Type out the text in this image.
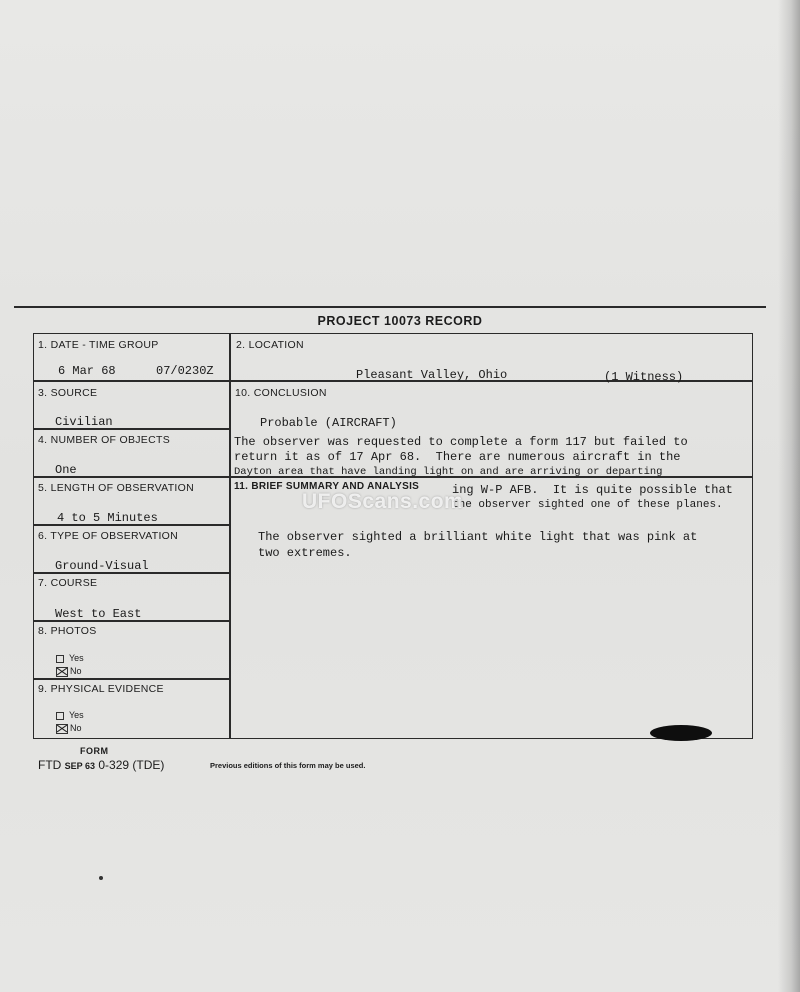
PROJECT 10073 RECORD
1. DATE - TIME GROUP
6 Mar 68	07/0230Z
2. LOCATION
Pleasant Valley, Ohio	(1 Witness)
3. SOURCE
Civilian
10. CONCLUSION
Probable (AIRCRAFT)
The observer was requested to complete a form 117 but failed to
return it as of 17 Apr 68.  There are numerous aircraft in the
Dayton area that have landing light on and are arriving or departing
4. NUMBER OF OBJECTS
One
5. LENGTH OF OBSERVATION
4 to 5 Minutes
11. BRIEF SUMMARY AND ANALYSIS	ing W-P AFB.  It is quite possible that
the observer sighted one of these planes.
The observer sighted a brilliant white light that was pink at
two extremes.
6. TYPE OF OBSERVATION
Ground-Visual
7. COURSE
West to East
8. PHOTOS
Yes
No
9. PHYSICAL EVIDENCE
Yes
No
UFOScans.com
FORM
FTD SEP 63 0-329 (TDE)	Previous editions of this form may be used.
